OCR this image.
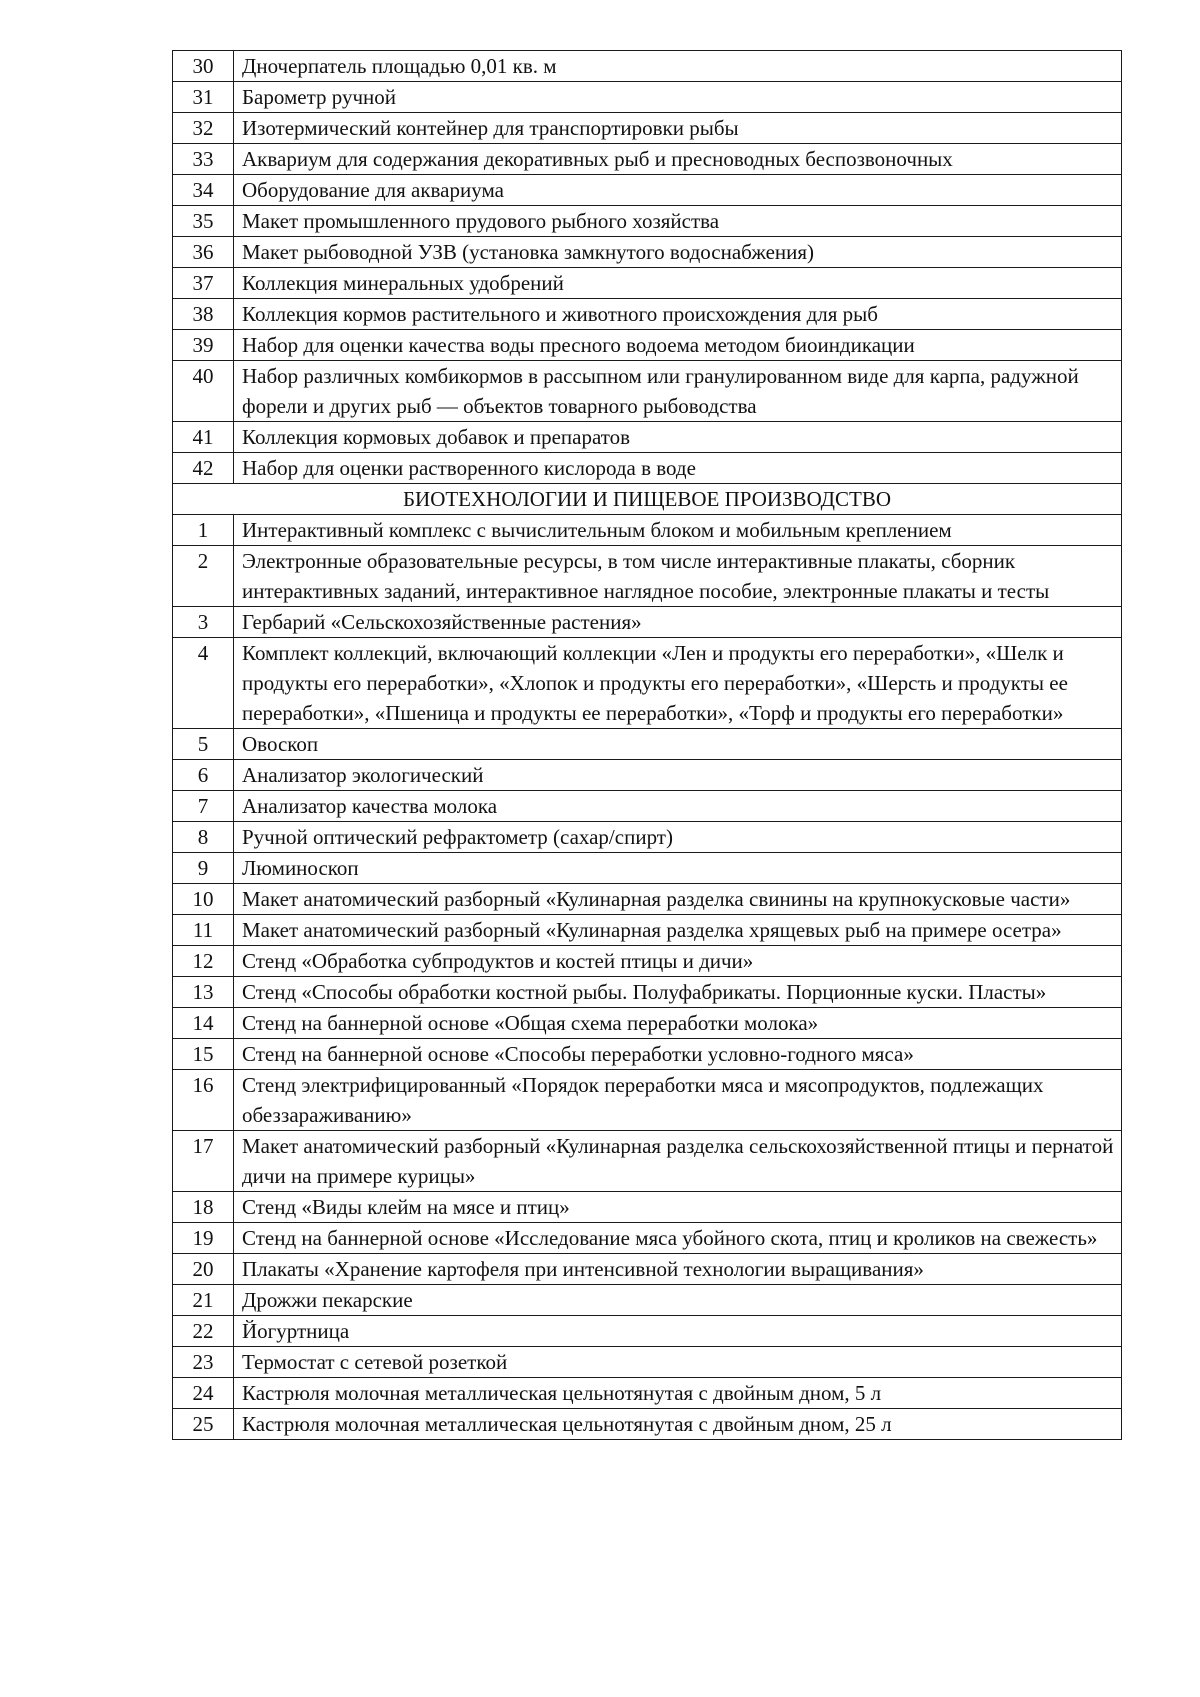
30	Дночерпатель площадью 0,01 кв. м
31	Барометр ручной
32	Изотермический контейнер для транспортировки рыбы
33	Аквариум для содержания декоративных рыб и пресноводных беспозвоночных
34	Оборудование для аквариума
35	Макет промышленного прудового рыбного хозяйства
36	Макет рыбоводной УЗВ (установка замкнутого водоснабжения)
37	Коллекция минеральных удобрений
38	Коллекция кормов растительного и животного происхождения для рыб
39	Набор для оценки качества воды пресного водоема методом биоиндикации
40	Набор различных комбикормов в рассыпном или гранулированном виде для карпа, радужной форели и других рыб — объектов товарного рыбоводства
41	Коллекция кормовых добавок и препаратов
42	Набор для оценки растворенного кислорода в воде
БИОТЕХНОЛОГИИ И ПИЩЕВОЕ ПРОИЗВОДСТВО	
1	Интерактивный комплекс с вычислительным блоком и мобильным креплением
2	Электронные образовательные ресурсы, в том числе интерактивные плакаты, сборник интерактивных заданий, интерактивное наглядное пособие, электронные плакаты и тесты
3	Гербарий «Сельскохозяйственные растения»
4	Комплект коллекций, включающий коллекции «Лен и продукты его переработки», «Шелк и продукты его переработки», «Хлопок и продукты его переработки», «Шерсть и продукты ее переработки», «Пшеница и продукты ее переработки», «Торф и продукты его переработки»
5	Овоскоп
6	Анализатор экологический
7	Анализатор качества молока
8	Ручной оптический рефрактометр (сахар/спирт)
9	Люминоскоп
10	Макет анатомический разборный «Кулинарная разделка свинины на крупнокусковые части»
11	Макет анатомический разборный «Кулинарная разделка хрящевых рыб на примере осетра»
12	Стенд «Обработка субпродуктов и костей птицы и дичи»
13	Стенд «Способы обработки костной рыбы. Полуфабрикаты. Порционные куски. Пласты»
14	Стенд на баннерной основе «Общая схема переработки молока»
15	Стенд на баннерной основе «Способы переработки условно-годного мяса»
16	Стенд электрифицированный «Порядок переработки мяса и мясопродуктов, подлежащих обеззараживанию»
17	Макет анатомический разборный «Кулинарная разделка сельскохозяйственной птицы и пернатой дичи на примере курицы»
18	Стенд «Виды клейм на мясе и птиц»
19	Стенд на баннерной основе «Исследование мяса убойного скота, птиц и кроликов на свежесть»
20	Плакаты «Хранение картофеля при интенсивной технологии выращивания»
21	Дрожжи пекарские
22	Йогуртница
23	Термостат с сетевой розеткой
24	Кастрюля молочная металлическая цельнотянутая с двойным дном, 5 л
25	Кастрюля молочная металлическая цельнотянутая с двойным дном, 25 л
